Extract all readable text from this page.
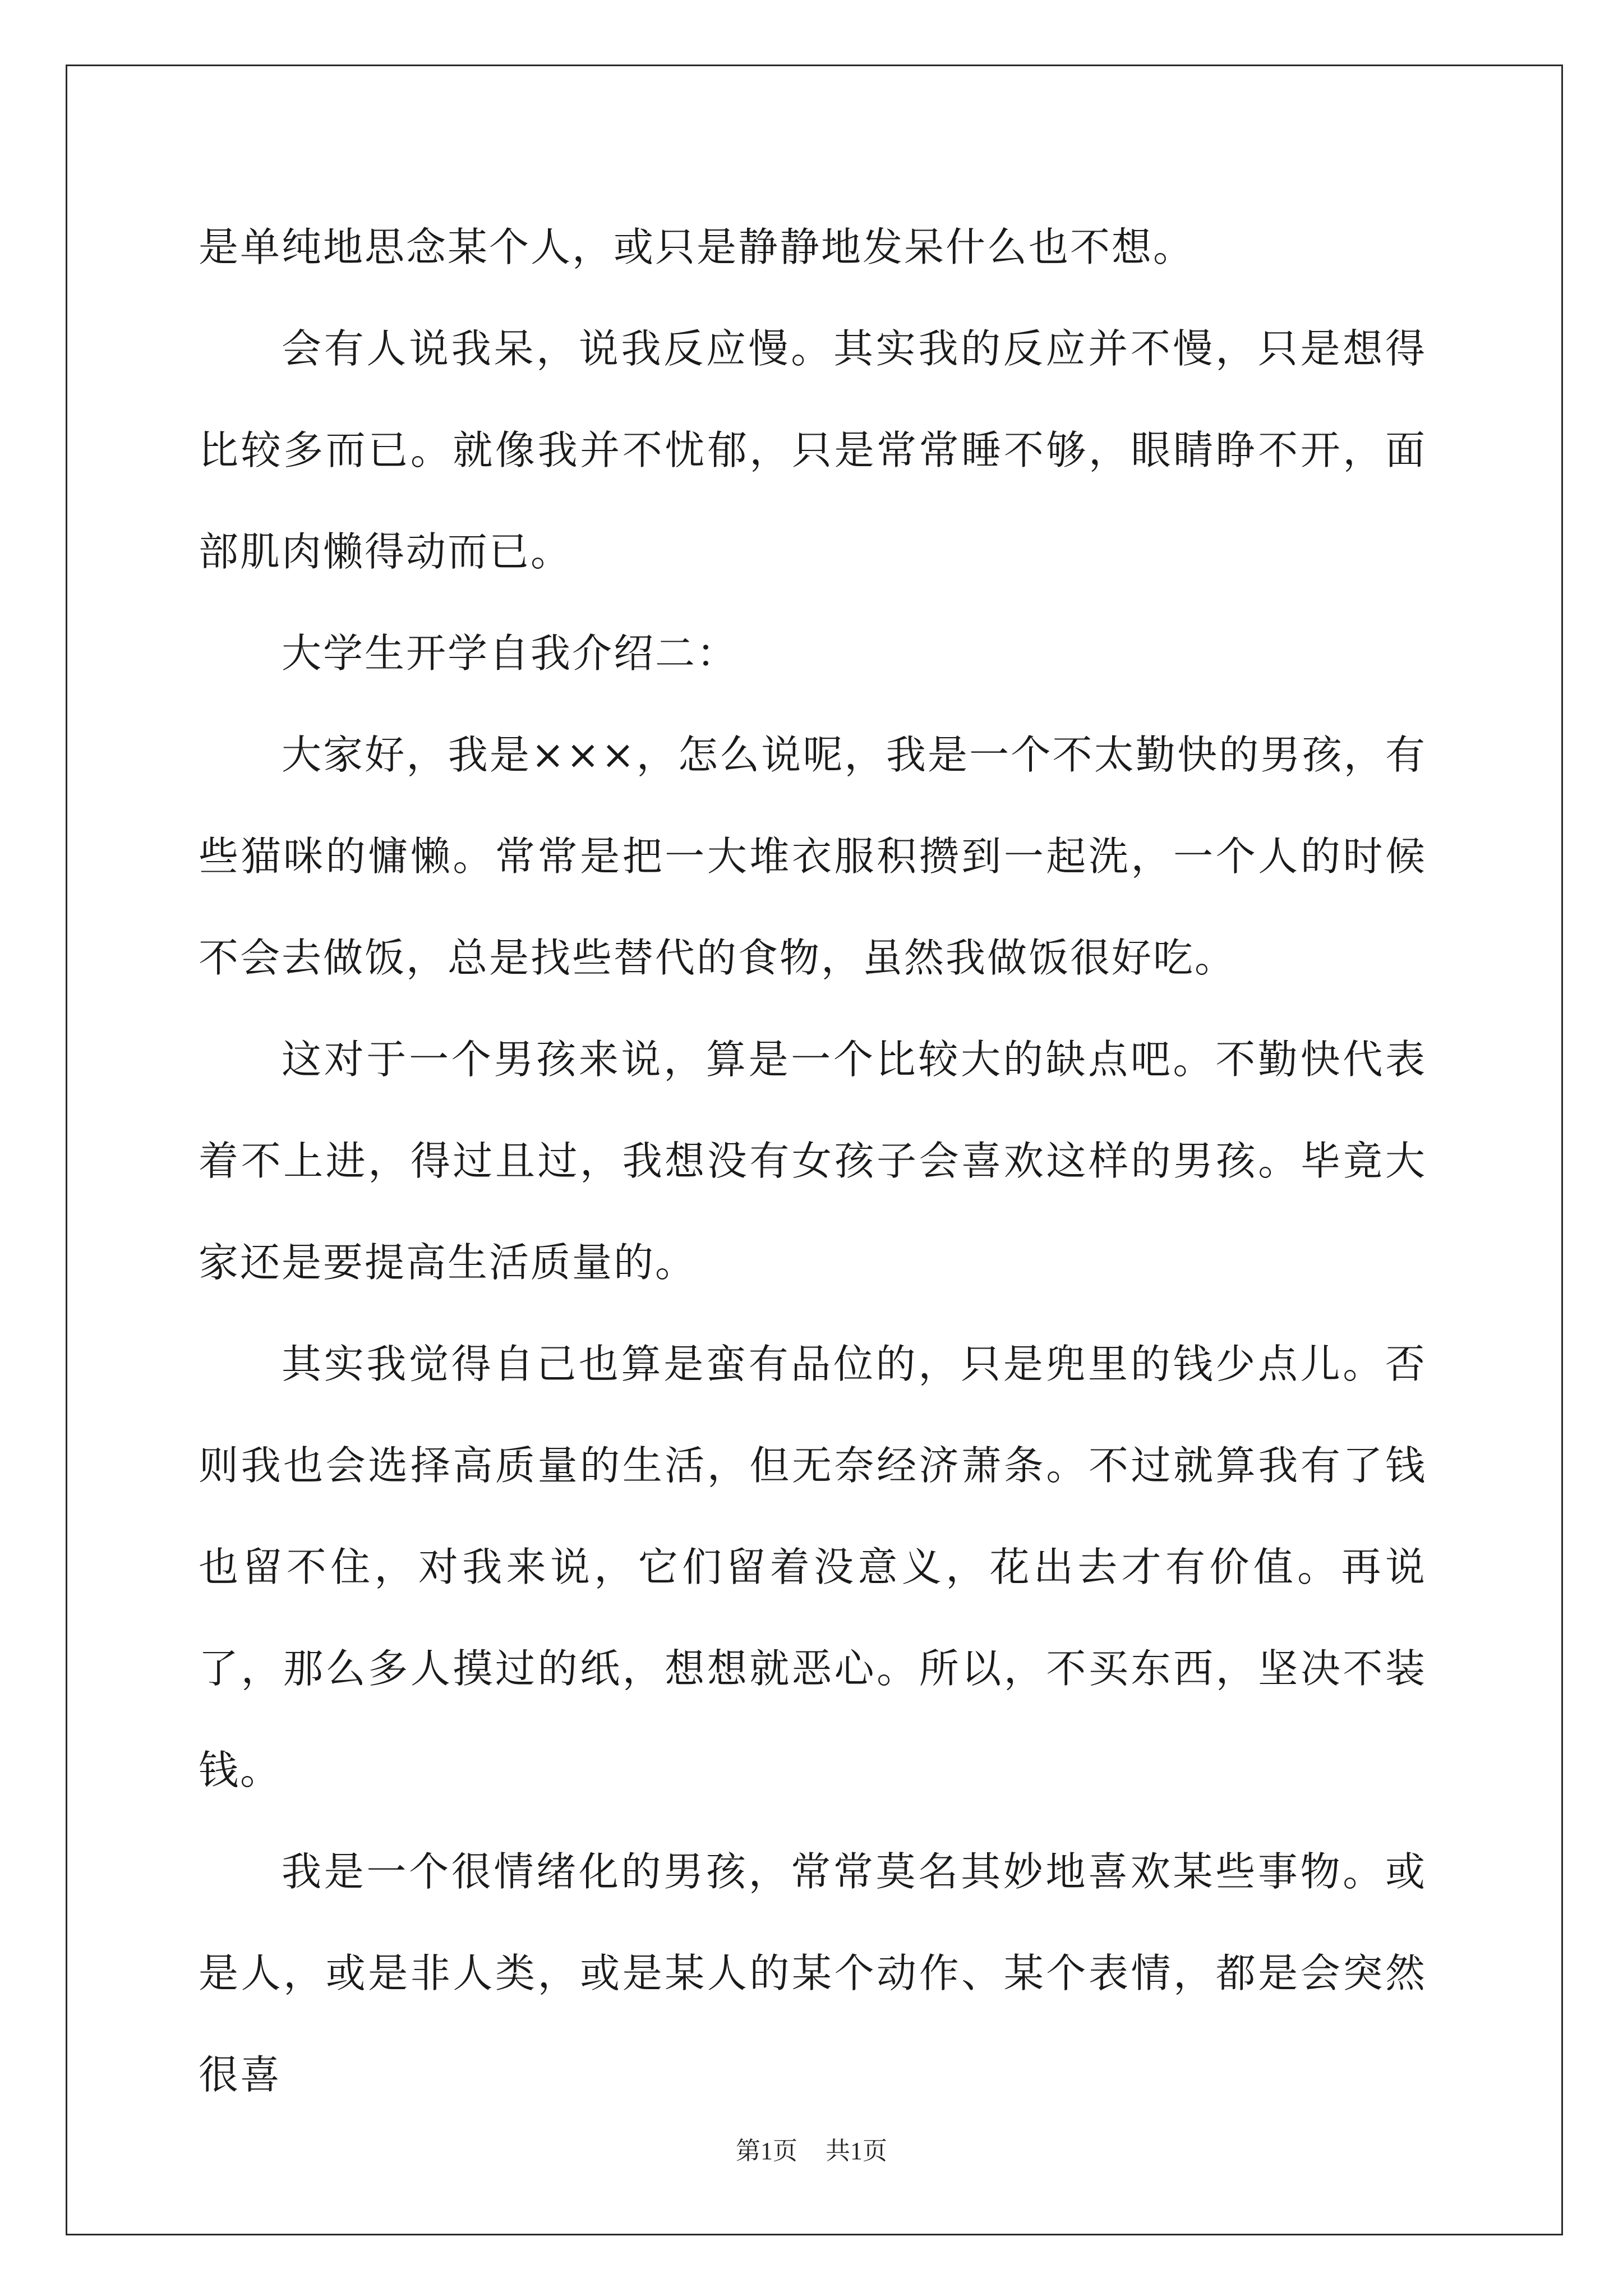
是单纯地思念某个人，或只是静静地发呆什么也不想。

会有人说我呆，说我反应慢。其实我的反应并不慢，只是想得比较多而已。就像我并不忧郁，只是常常睡不够，眼睛睁不开，面部肌肉懒得动而已。

大学生开学自我介绍二：

大家好，我是×××，怎么说呢，我是一个不太勤快的男孩，有些猫咪的慵懒。常常是把一大堆衣服积攒到一起洗，一个人的时候不会去做饭，总是找些替代的食物，虽然我做饭很好吃。

这对于一个男孩来说，算是一个比较大的缺点吧。不勤快代表着不上进，得过且过，我想没有女孩子会喜欢这样的男孩。毕竟大家还是要提高生活质量的。

其实我觉得自己也算是蛮有品位的，只是兜里的钱少点儿。否则我也会选择高质量的生活，但无奈经济萧条。不过就算我有了钱也留不住，对我来说，它们留着没意义，花出去才有价值。再说了，那么多人摸过的纸，想想就恶心。所以，不买东西，坚决不装钱。

我是一个很情绪化的男孩，常常莫名其妙地喜欢某些事物。或是人，或是非人类，或是某人的某个动作、某个表情，都是会突然很喜

第1页 共1页
